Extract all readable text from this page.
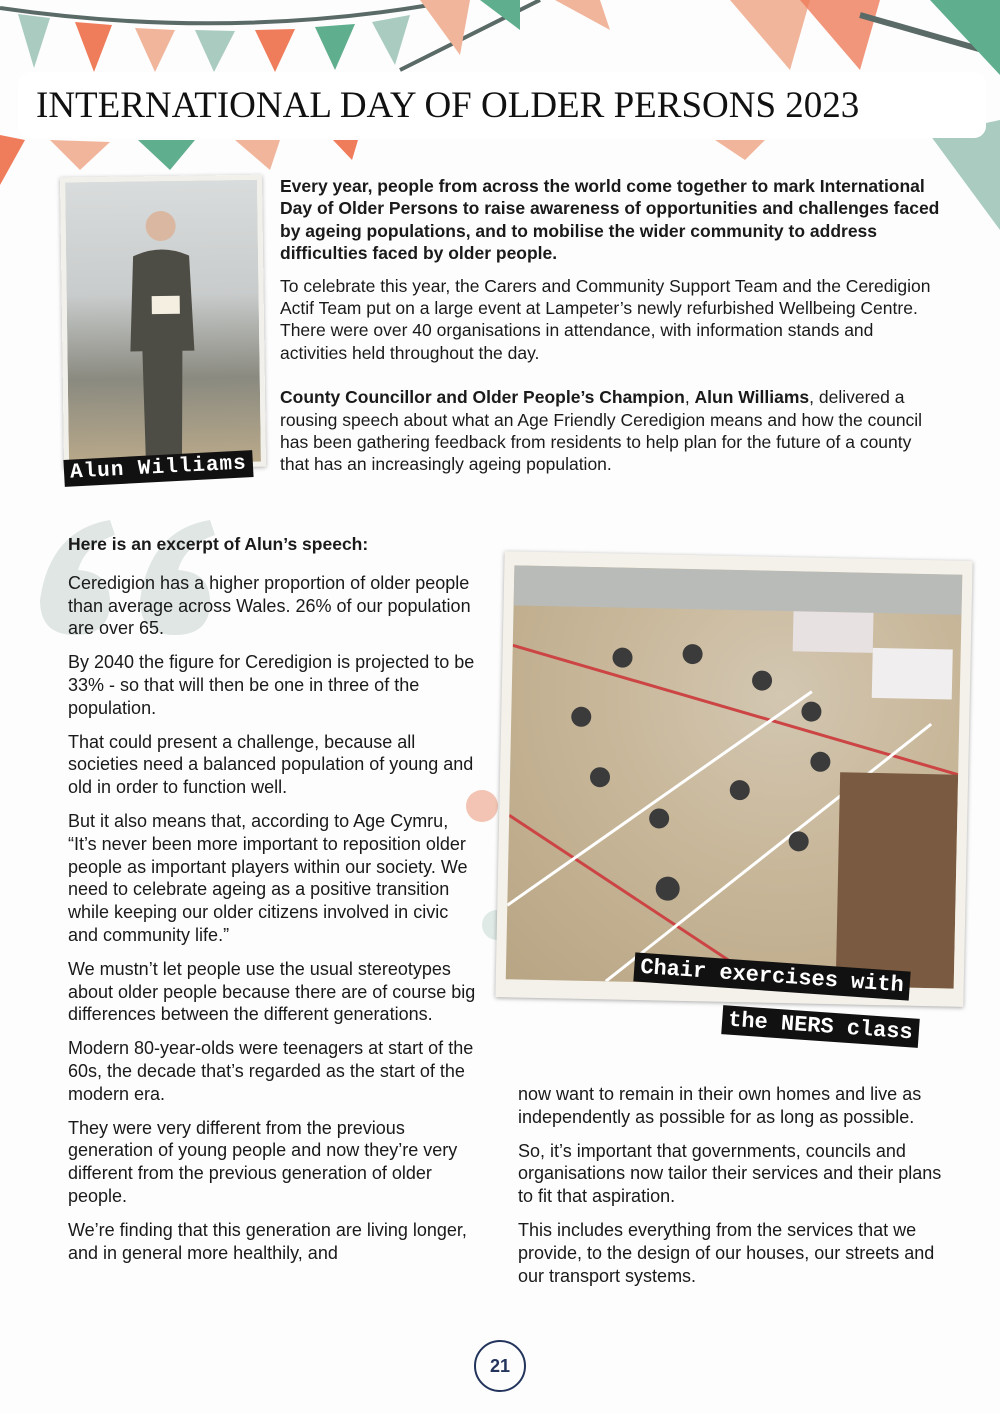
INTERNATIONAL DAY OF OLDER PERSONS 2023
Alun Williams

Every year, people from across the world come together to mark International Day of Older Persons to raise awareness of opportunities and challenges faced by ageing populations, and to mobilise the wider community to address difficulties faced by older people.

To celebrate this year, the Carers and Community Support Team and the Ceredigion Actif Team put on a large event at Lampeter’s newly refurbished Wellbeing Centre. There were over 40 organisations in attendance, with information stands and activities held throughout the day.

County Councillor and Older People’s Champion, Alun Williams, delivered a rousing speech about what an Age Friendly Ceredigion means and how the council has been gathering feedback from residents to help plan for the future of a county that has an increasingly ageing population.

Here is an excerpt of Alun’s speech:

Ceredigion has a higher proportion of older people than average across Wales. 26% of our population are over 65.

By 2040 the figure for Ceredigion is projected to be 33% - so that will then be one in three of the population.

That could present a challenge, because all societies need a balanced population of young and old in order to function well.

But it also means that, according to Age Cymru, “It’s never been more important to reposition older people as important players within our society. We need to celebrate ageing as a positive transition while keeping our older citizens involved in civic and community life.”

We mustn’t let people use the usual stereotypes about older people because there are of course big differences between the different generations.

Modern 80-year-olds were teenagers at start of the 60s, the decade that’s regarded as the start of the modern era.

They were very different from the previous generation of young people and now they’re very different from the previous generation of older people.

We’re finding that this generation are living longer, and in general more healthily, and

Chair exercises with
the NERS class

now want to remain in their own homes and live as independently as possible for as long as possible.

So, it’s important that governments, councils and organisations now tailor their services and their plans to fit that aspiration.

This includes everything from the services that we provide, to the design of our houses, our streets and our transport systems.

21
